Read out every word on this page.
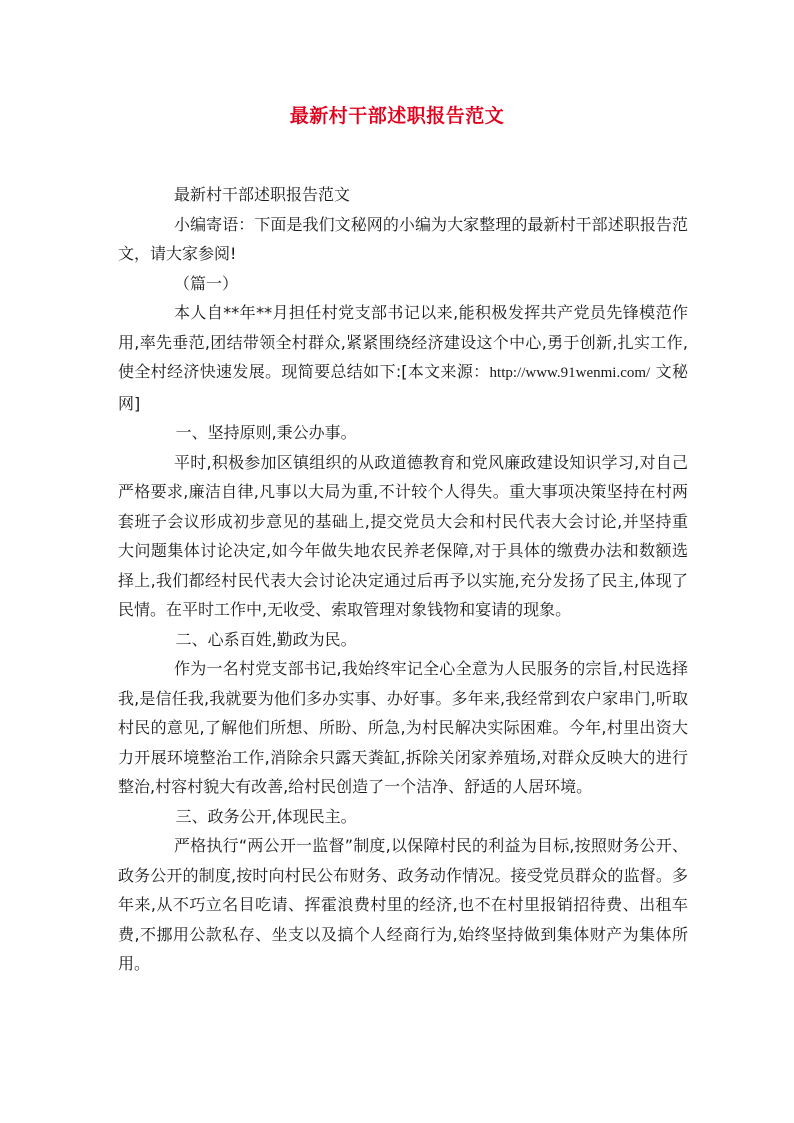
最新村干部述职报告范文

最新村干部述职报告范文

小编寄语：下面是我们文秘网的小编为大家整理的最新村干部述职报告范文，请大家参阅!

（篇一）

本人自**年**月担任村党支部书记以来,能积极发挥共产党员先锋模范作用,率先垂范,团结带领全村群众,紧紧围绕经济建设这个中心,勇于创新,扎实工作,使全村经济快速发展。现简要总结如下:[本文来源：http://www.91wenmi.com/ 文秘网]

一、坚持原则,秉公办事。

平时,积极参加区镇组织的从政道德教育和党风廉政建设知识学习,对自己严格要求,廉洁自律,凡事以大局为重,不计较个人得失。重大事项决策坚持在村两套班子会议形成初步意见的基础上,提交党员大会和村民代表大会讨论,并坚持重大问题集体讨论决定,如今年做失地农民养老保障,对于具体的缴费办法和数额选择上,我们都经村民代表大会讨论决定通过后再予以实施,充分发扬了民主,体现了民情。在平时工作中,无收受、索取管理对象钱物和宴请的现象。

二、心系百姓,勤政为民。

作为一名村党支部书记,我始终牢记全心全意为人民服务的宗旨,村民选择我,是信任我,我就要为他们多办实事、办好事。多年来,我经常到农户家串门,听取村民的意见,了解他们所想、所盼、所急,为村民解决实际困难。今年,村里出资大力开展环境整治工作,消除余只露天粪缸,拆除关闭家养殖场,对群众反映大的进行整治,村容村貌大有改善,给村民创造了一个洁净、舒适的人居环境。

三、政务公开,体现民主。

严格执行“两公开一监督”制度,以保障村民的利益为目标,按照财务公开、政务公开的制度,按时向村民公布财务、政务动作情况。接受党员群众的监督。多年来,从不巧立名目吃请、挥霍浪费村里的经济,也不在村里报销招待费、出租车费,不挪用公款私存、坐支以及搞个人经商行为,始终坚持做到集体财产为集体所用。
